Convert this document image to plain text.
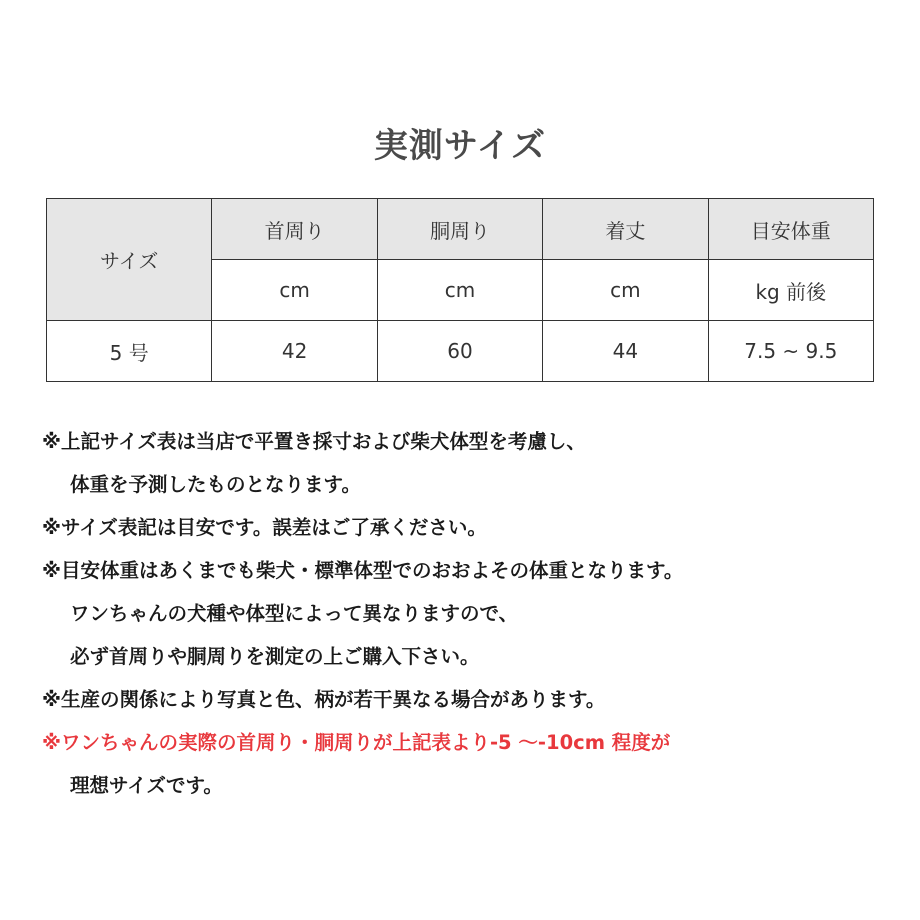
実測サイズ
サイズ	首周り	胴周り	着丈	目安体重
	cm	cm	cm	kg 前後
5 号	42	60	44	7.5 ~ 9.5
※上記サイズ表は当店で平置き採寸および柴犬体型を考慮し、
体重を予測したものとなります。
※サイズ表記は目安です。誤差はご了承ください。
※目安体重はあくまでも柴犬・標準体型でのおおよその体重となります。
ワンちゃんの犬種や体型によって異なりますので、
必ず首周りや胴周りを測定の上ご購入下さい。
※生産の関係により写真と色、柄が若干異なる場合があります。
※ワンちゃんの実際の首周り・胴周りが上記表より-5 ～-10cm 程度が
理想サイズです。
